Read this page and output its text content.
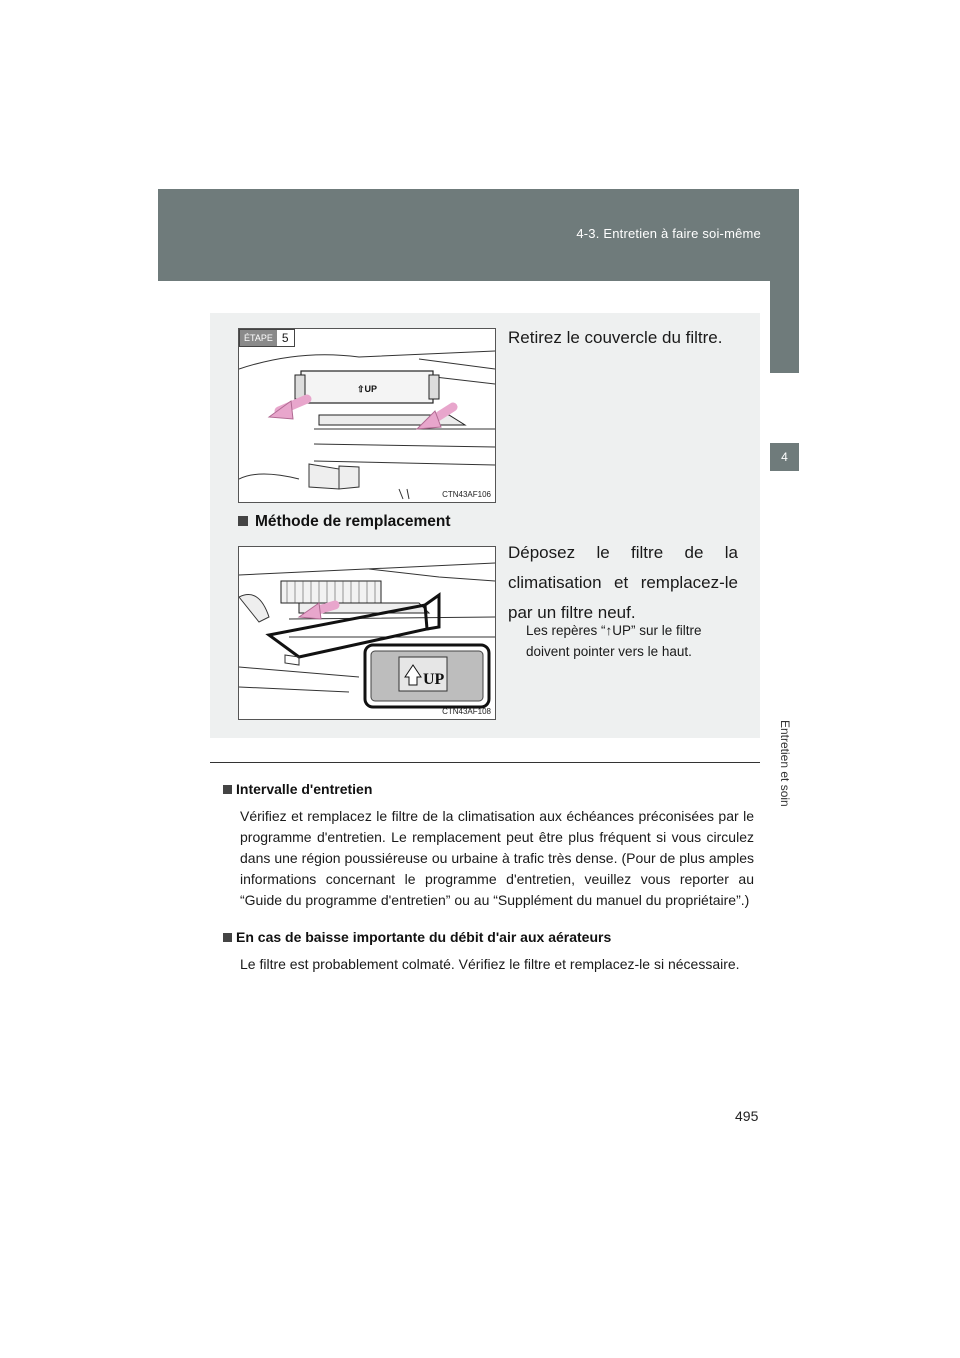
4-3. Entretien à faire soi-même
4
Entretien et soin
⇧UP
ÉTAPE 5
CTN43AF106
Retirez le couvercle du filtre.
Méthode de remplacement
UP
CTN43AF108
Déposez le filtre de la climatisation et remplacez-le par un filtre neuf.
Les repères “↑UP” sur le filtre doivent pointer vers le haut.
Intervalle d'entretien
Vérifiez et remplacez le filtre de la climatisation aux échéances préconisées par le programme d'entretien. Le remplacement peut être plus fréquent si vous circulez dans une région poussiéreuse ou urbaine à trafic très dense. (Pour de plus amples informations concernant le programme d'entretien, veuillez vous reporter au “Guide du programme d'entretien” ou au “Supplément du manuel du propriétaire”.)
En cas de baisse importante du débit d'air aux aérateurs
Le filtre est probablement colmaté. Vérifiez le filtre et remplacez-le si nécessaire.
495
